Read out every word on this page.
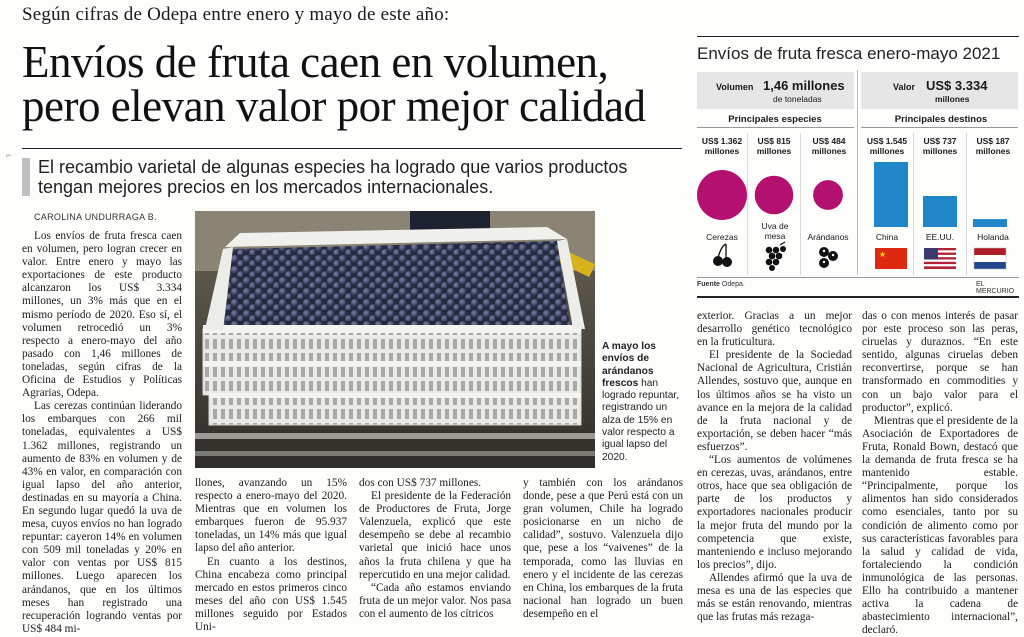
⌐
Según cifras de Odepa entre enero y mayo de este año:
Envíos de fruta caen en volumen,
pero elevan valor por mejor calidad
El recambio varietal de algunas especies ha logrado que varios productos tengan mejores precios en los mercados internacionales.
CAROLINA UNDURRAGA B.

Los envíos de fruta fresca caen en volumen, pero logran crecer en valor. Entre enero y mayo las exportaciones de este producto alcanzaron los US$ 3.334 millones, un 3% más que en el mismo período de 2020. Eso sí, el volumen retrocedió un 3% respecto a enero-mayo del año pasado con 1,46 millones de toneladas, según cifras de la Oficina de Estudios y Políticas Agrarias, Odepa.

Las cerezas continúan liderando los embarques con 266 mil toneladas, equivalentes a US$ 1.362 millones, registrando un aumento de 83% en volumen y de 43% en valor, en comparación con igual lapso del año anterior, destinadas en su mayoría a China. En segundo lugar quedó la uva de mesa, cuyos envíos no han logrado repuntar: cayeron 14% en volumen con 509 mil toneladas y 20% en valor con ventas por US$ 815 millones. Luego aparecen los arándanos, que en los últimos meses han registrado una recuperación logrando ventas por US$ 484 mi-

A mayo los envíos de arándanos frescos han logrado repuntar, registrando un alza de 15% en valor respecto a igual lapso del 2020.

llones, avanzando un 15% respecto a enero-mayo del 2020. Mientras que en volumen los embarques fueron de 95.937 toneladas, un 14% más que igual lapso del año anterior.

En cuanto a los destinos, China encabeza como principal mercado en estos primeros cinco meses del año con US$ 1.545 millones seguido por Estados Uni-

dos con US$ 737 millones.

El presidente de la Federación de Productores de Fruta, Jorge Valenzuela, explicó que este desempeño se debe al recambio varietal que inició hace unos años la fruta chilena y que ha repercutido en una mejor calidad.

“Cada año estamos enviando fruta de un mejor valor. Nos pasa con el aumento de los cítricos

y también con los arándanos donde, pese a que Perú está con un gran volumen, Chile ha logrado posicionarse en un nicho de calidad”, sostuvo. Valenzuela dijo que, pese a los “vaivenes” de la temporada, como las lluvias en enero y el incidente de las cerezas en China, los embarques de la fruta nacional han logrado un buen desempeño en el

exterior. Gracias a un mejor desarrollo genético tecnológico en la fruticultura.

El presidente de la Sociedad Nacional de Agricultura, Cristián Allendes, sostuvo que, aunque en los últimos años se ha visto un avance en la mejora de la calidad de la fruta nacional y de exportación, se deben hacer “más esfuerzos”.

“Los aumentos de volúmenes en cerezas, uvas, arándanos, entre otros, hace que sea obligación de parte de los productos y exportadores nacionales producir la mejor fruta del mundo por la competencia que existe, manteniendo e incluso mejorando los precios”, dijo.

Allendes afirmó que la uva de mesa es una de las especies que más se están renovando, mientras que las frutas más rezaga-

das o con menos interés de pasar por este proceso son las peras, ciruelas y duraznos. “En este sentido, algunas ciruelas deben reconvertirse, porque se han transformado en commodities y con un bajo valor para el productor”, explicó.

Mientras que el presidente de la Asociación de Exportadores de Fruta, Ronald Bown, destacó que la demanda de fruta fresca se ha mantenido estable. “Principalmente, porque los alimentos han sido considerados como esenciales, tanto por su condición de alimento como por sus características favorables para la salud y calidad de vida, fortaleciendo la condición inmunológica de las personas. Ello ha contribuido a mantener activa la cadena de abastecimiento internacional”, declaró.

Envíos de fruta fresca enero-mayo 2021
Volumen 1,46 millones
de toneladas
Valor US$ 3.334
millones
Principales especies	Principales destinos
US$ 1.362
millones
US$ 815
millones
US$ 484
millones
Cerezas
Uva de mesa	Arándanos
US$ 1.545
millones
US$ 737
millones
US$ 187
millones
★
China	EE.UU.	Holanda
Fuente Odepa.	EL MERCURIO
